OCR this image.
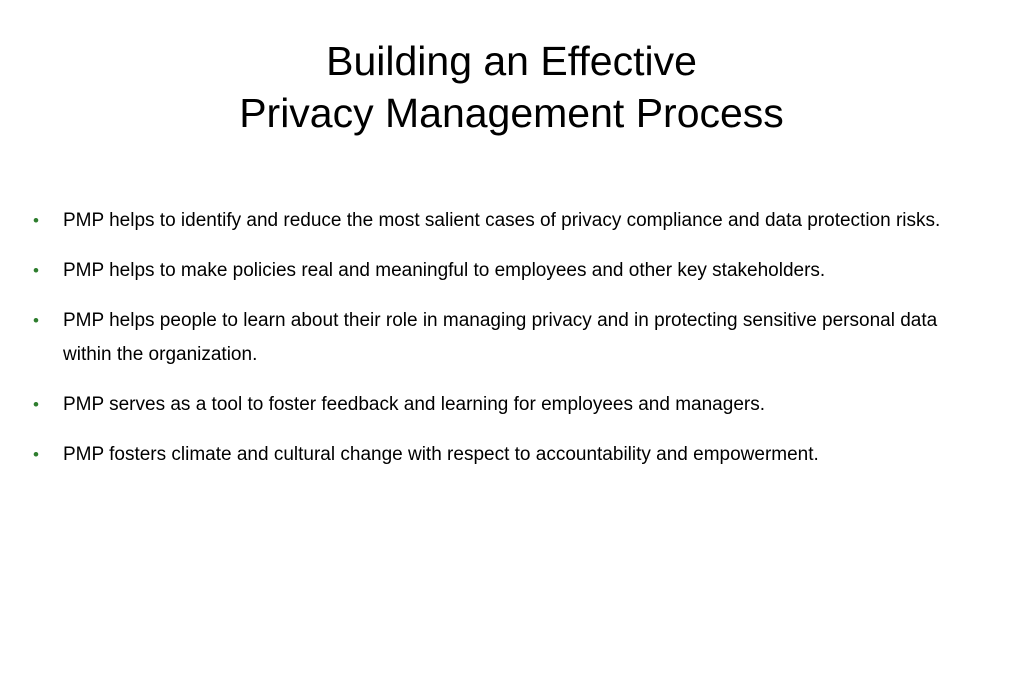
Building an Effective
Privacy Management Process
•	PMP helps to identify and reduce the most salient cases of privacy compliance and data protection risks.
•	PMP helps to make policies real and meaningful to employees and other key stakeholders.
•	PMP helps people to learn about their role in managing privacy and in protecting sensitive personal data within the organization.
•	PMP serves as a tool to foster feedback and learning for employees and managers.
•	PMP fosters climate and cultural change with respect to accountability and empowerment.
